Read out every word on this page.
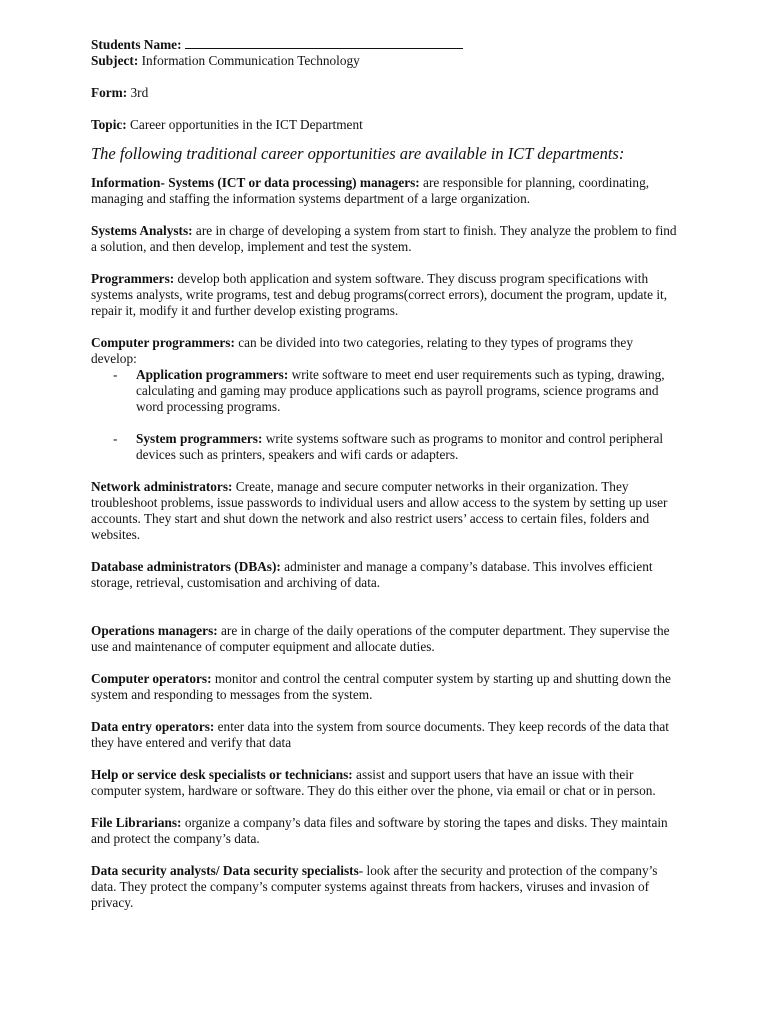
Students Name:

Subject: Information Communication Technology

Form: 3rd

Topic: Career opportunities in the ICT Department

The following traditional career opportunities are available in ICT departments:

Information- Systems (ICT or data processing) managers: are responsible for planning, coordinating, managing and staffing the information systems department of a large organization.

Systems Analysts: are in charge of developing a system from start to finish. They analyze the problem to find a solution, and then develop, implement and test the system.

Programmers: develop both application and system software. They discuss program specifications with systems analysts, write programs, test and debug programs(correct errors), document the program, update it, repair it, modify it and further develop existing programs.

Computer programmers: can be divided into two categories, relating to they types of programs they develop:

- Application programmers: write software to meet end user requirements such as typing, drawing, calculating and gaming may produce applications such as payroll programs, science programs and word processing programs.
- System programmers: write systems software such as programs to monitor and control peripheral devices such as printers, speakers and wifi cards or adapters.

Network administrators: Create, manage and secure computer networks in their organization. They troubleshoot problems, issue passwords to individual users and allow access to the system by setting up user accounts. They start and shut down the network and also restrict users’ access to certain files, folders and websites.

Database administrators (DBAs): administer and manage a company’s database. This involves efficient storage, retrieval, customisation and archiving of data.

Operations managers: are in charge of the daily operations of the computer department. They supervise the use and maintenance of computer equipment and allocate duties.

Computer operators: monitor and control the central computer system by starting up and shutting down the system and responding to messages from the system.

Data entry operators: enter data into the system from source documents. They keep records of the data that they have entered and verify that data

Help or service desk specialists or technicians: assist and support users that have an issue with their computer system, hardware or software. They do this either over the phone, via email or chat or in person.

File Librarians: organize a company’s data files and software by storing the tapes and disks. They maintain and protect the company’s data.

Data security analysts/ Data security specialists- look after the security and protection of the company’s data. They protect the company’s computer systems against threats from hackers, viruses and invasion of privacy.
